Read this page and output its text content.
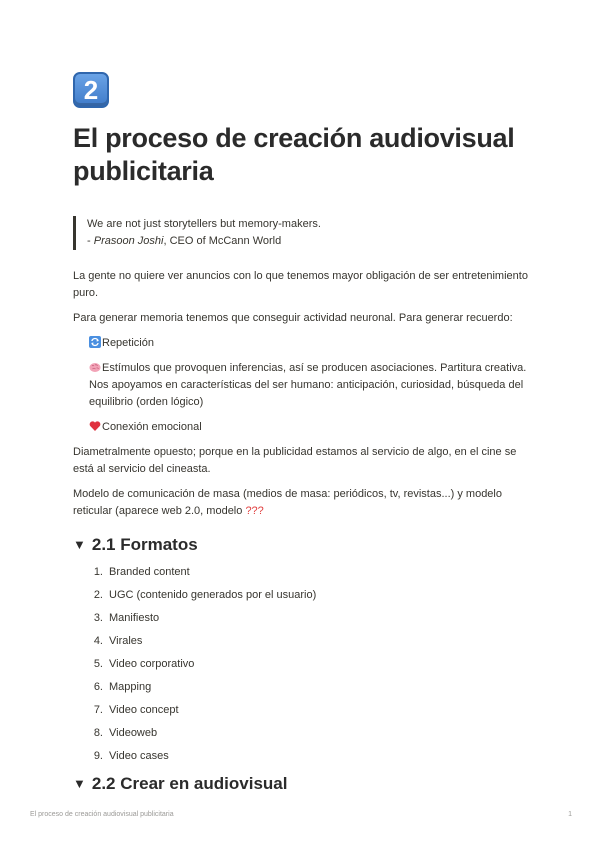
2
El proceso de creación audiovisual
publicitaria
We are not just storytellers but memory-makers.
- Prasoon Joshi, CEO of McCann World

La gente no quiere ver anuncios con lo que tenemos mayor obligación de ser entretenimiento puro.

Para generar memoria tenemos que conseguir actividad neuronal. Para generar recuerdo:

Repetición

Estímulos que provoquen inferencias, así se producen asociaciones. Partitura creativa. Nos apoyamos en características del ser humano: anticipación, curiosidad, búsqueda del equilibrio (orden lógico)

Conexión emocional

Diametralmente opuesto; porque en la publicidad estamos al servicio de algo, en el cine se está al servicio del cineasta.

Modelo de comunicación de masa (medios de masa: periódicos, tv, revistas...) y modelo reticular (aparece web 2.0, modelo ???

▼ 2.1 Formatos
1. Branded content
2. UGC (contenido generados por el usuario)
3. Manifiesto
4. Virales
5. Video corporativo
6. Mapping
7. Video concept
8. Videoweb
9. Video cases
▼ 2.2 Crear en audiovisual
El proceso de creación audiovisual publicitaria	1
